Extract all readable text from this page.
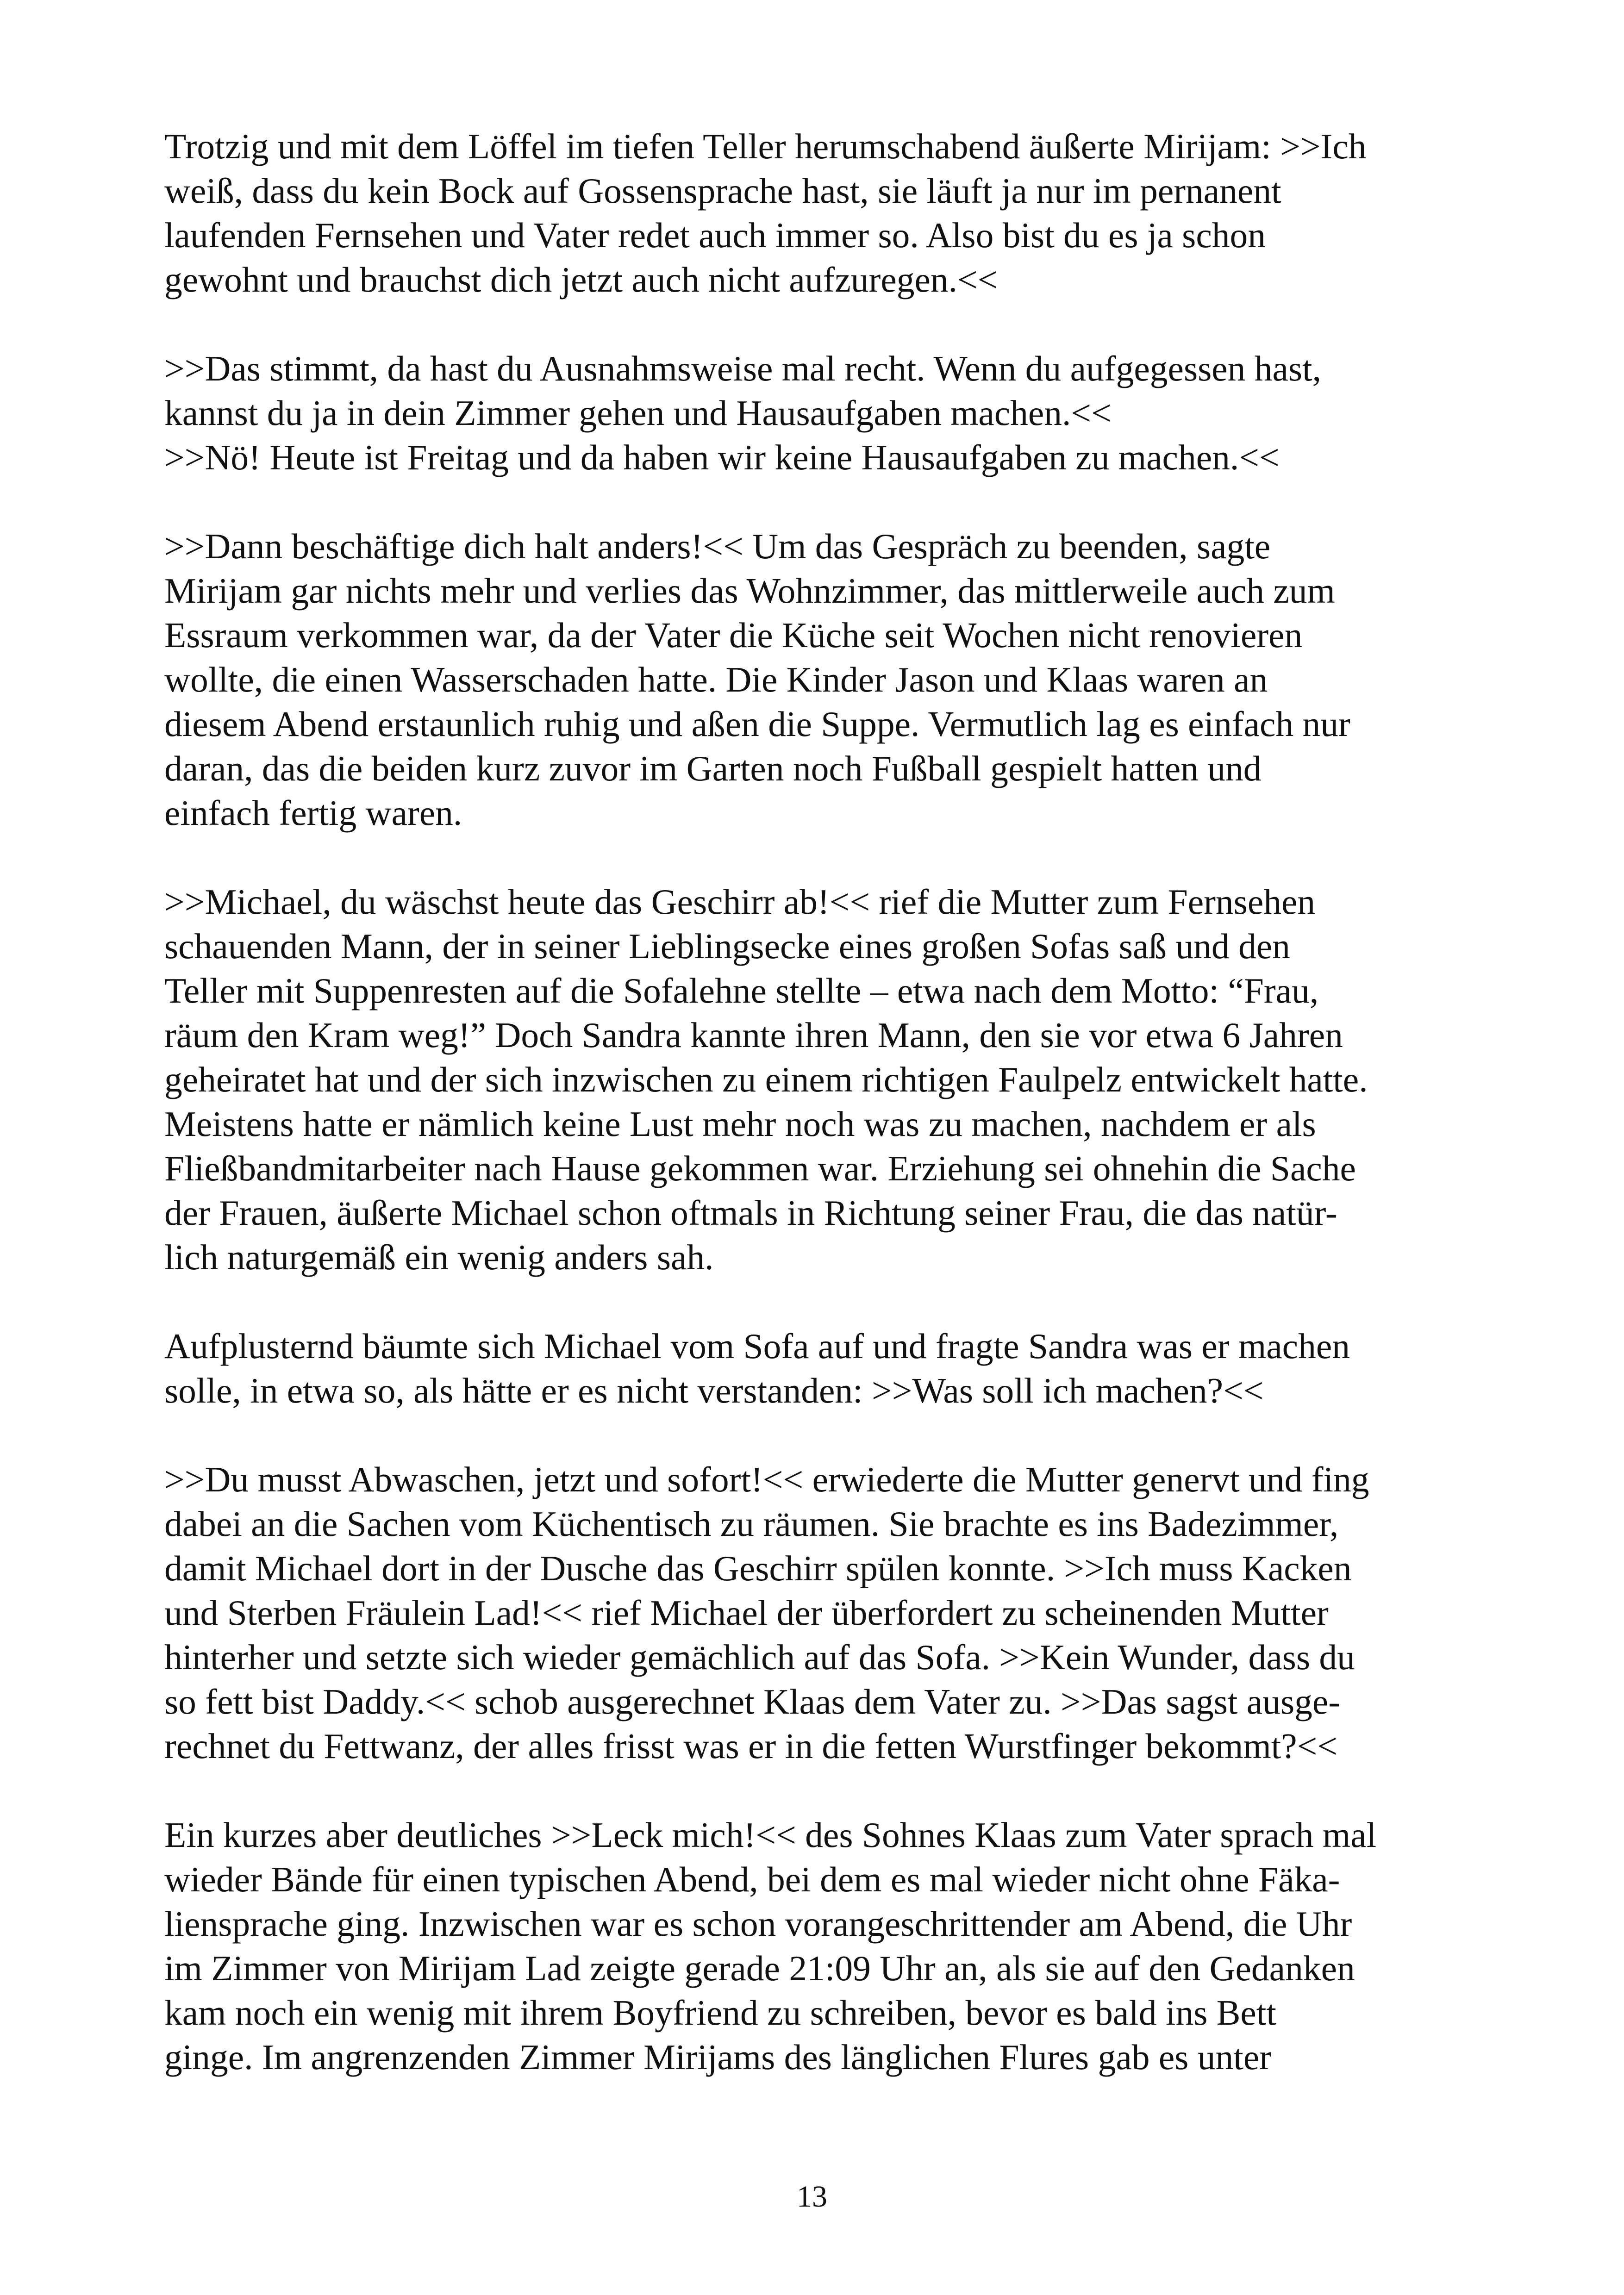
Trotzig und mit dem Löffel im tiefen Teller herumschabend äußerte Mirijam: >>Ich
weiß, dass du kein Bock auf Gossensprache hast, sie läuft ja nur im pernanent
laufenden Fernsehen und Vater redet auch immer so. Also bist du es ja schon
gewohnt und brauchst dich jetzt auch nicht aufzuregen.<<

>>Das stimmt, da hast du Ausnahmsweise mal recht. Wenn du aufgegessen hast,
kannst du ja in dein Zimmer gehen und Hausaufgaben machen.<<

>>Nö! Heute ist Freitag und da haben wir keine Hausaufgaben zu machen.<<

>>Dann beschäftige dich halt anders!<< Um das Gespräch zu beenden, sagte
Mirijam gar nichts mehr und verlies das Wohnzimmer, das mittlerweile auch zum
Essraum verkommen war, da der Vater die Küche seit Wochen nicht renovieren
wollte, die einen Wasserschaden hatte. Die Kinder Jason und Klaas waren an
diesem Abend erstaunlich ruhig und aßen die Suppe. Vermutlich lag es einfach nur
daran, das die beiden kurz zuvor im Garten noch Fußball gespielt hatten und
einfach fertig waren.

>>Michael, du wäschst heute das Geschirr ab!<< rief die Mutter zum Fernsehen
schauenden Mann, der in seiner Lieblingsecke eines großen Sofas saß und den
Teller mit Suppenresten auf die Sofalehne stellte – etwa nach dem Motto: “Frau,
räum den Kram weg!” Doch Sandra kannte ihren Mann, den sie vor etwa 6 Jahren
geheiratet hat und der sich inzwischen zu einem richtigen Faulpelz entwickelt hatte.
Meistens hatte er nämlich keine Lust mehr noch was zu machen, nachdem er als
Fließbandmitarbeiter nach Hause gekommen war. Erziehung sei ohnehin die Sache
der Frauen, äußerte Michael schon oftmals in Richtung seiner Frau, die das natür-
lich naturgemäß ein wenig anders sah.

Aufplusternd bäumte sich Michael vom Sofa auf und fragte Sandra was er machen
solle, in etwa so, als hätte er es nicht verstanden: >>Was soll ich machen?<<

>>Du musst Abwaschen, jetzt und sofort!<< erwiederte die Mutter genervt und fing
dabei an die Sachen vom Küchentisch zu räumen. Sie brachte es ins Badezimmer,
damit Michael dort in der Dusche das Geschirr spülen konnte. >>Ich muss Kacken
und Sterben Fräulein Lad!<< rief Michael der überfordert zu scheinenden Mutter
hinterher und setzte sich wieder gemächlich auf das Sofa. >>Kein Wunder, dass du
so fett bist Daddy.<< schob ausgerechnet Klaas dem Vater zu. >>Das sagst ausge-
rechnet du Fettwanz, der alles frisst was er in die fetten Wurstfinger bekommt?<<

Ein kurzes aber deutliches >>Leck mich!<< des Sohnes Klaas zum Vater sprach mal
wieder Bände für einen typischen Abend, bei dem es mal wieder nicht ohne Fäka-
liensprache ging. Inzwischen war es schon vorangeschrittender am Abend, die Uhr
im Zimmer von Mirijam Lad zeigte gerade 21:09 Uhr an, als sie auf den Gedanken
kam noch ein wenig mit ihrem Boyfriend zu schreiben, bevor es bald ins Bett
ginge. Im angrenzenden Zimmer Mirijams des länglichen Flures gab es unter

13
